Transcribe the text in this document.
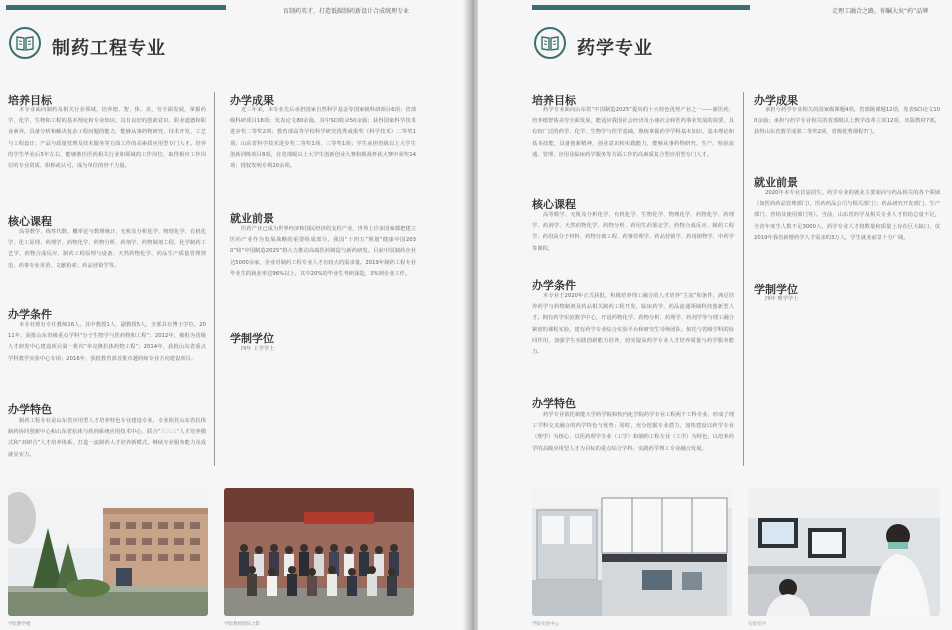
育制药英才，打造低碳制药新设计合成统理专业
制药工程专业
培养目标

本专业面向制药及相关行业领域，培养德、智、体、美、劳全面发展，掌握药学、化学、生物和工程的基本理论和专业知识，具有良好的创新意识、职业道德和职业素养，具备分析和解决复杂工程问题的能力，能够从事药物研究、技术开发、工艺与工程设计、产品与质量管理及技术服务等方面工作的高素质应用型专门人才。培养的学生毕业后5年左右，能够胜任医药相关行业和领域的工作岗位，取得相应工作岗位的专业资质、职称或认可，成为单位的骨干力量。

核心课程

高等数学、线性代数、概率论与数理统计、无机及分析化学、物理化学、有机化学、化工原理、药理学、药物化学、药物分析、药剂学、药物制剂工程、化学制药工艺学、药物合成反应、制药工程原理与设备、天然药物化学、药品生产质量管理规范、药事专业英语、文献检索、药品营销学等。

办学条件

本专业现有专任教师16人，其中教授1人，副教授5人，全部具有博士学位。2011年，获批山东省级重点学科“分子生物学与医药物和工程”；2012年，被批为省级人才研发中心建设项目第一批次“单克隆抗体药物工程”；2014年，获批山东省重点学科教学实验中心专项；2016年，获批教育部首批卓越药师专业方向建设项目。

办学特色

制药工程专业是山东省应用型人才培养特色专业建设专业，专业依托山东省抗体制药协同创新中心和山东省抗体与药剂系统应用技术中心，联合“三三三”人才培养模式和“双研合”人才培养体系，打造一流制药人才培养新模式，继续专业服务能力及成就显实力。

办学成果

近三年来，本专业先后承担国家自然科学基金等国家级科研项目6项；省部级科研项目18项；发表论文80余篇，其中SCI收录50余篇；获得国家科学技术进步奖二等奖2项；教育部高等学校科学研究优秀成果奖（科学技术）二等奖1项；山东省科学技术进步奖二等奖1项，三等奖1项；学生承担省级以上大学生创新训练项目8项，在省部级以上大学生创新创业大赛和挑战杯获大赛中获奖14项；授权发明专利20余项。

就业前景

医药产业已成为世界经济和国民经济的支柱产业，世界上许多国家都把建立医药产业作为发展战略的重要组成部分。我国“十四五”规划“健康中国2030”和“中国制造2025”将大力推动高端医药制造与新药研发。目前中国制药企业达5000余家，企业对制药工程专业人才有较大的需求量。2019年制药工程专业毕业生的就业率达96%以上，其中20%的毕业生考研深造，3%到企业工作。

学制学位

四年 工学学士

学院教学楼	学院教师团队合影
走理工融合之路，你瞩大矣“药”品牌
药学专业
培养目标

药学专业面向山东省“中国制造2025”提出的十大特色优势产业之一——新医药，培养德智体美劳全面发展，能适应我国社会经济及小康社会和医药事业发展的需要，具有较广泛的药学、化学、生物学与医学基础，熟练掌握药学学科基本知识、基本理论和基本技能，具备创新精神、创业意识和实践能力，能够从事药物研究、生产、检验流通、管理、应用及临床药学服务等方面工作的高素质复合型应用型专门人才。

核心课程

高等数学、无机及分析化学、有机化学、生物化学、物理化学、药物化学、药理学、药剂学、天然药物化学、药物分析、药用生药鉴定学、药物合成反应、制药工程学、药用高分子材料、药物分离工程、药事管理学、药品营销学、药用植物学、中药学等课程。

办学条件

本专业于2020年正式获批，积极培养理工融合的人才培养“主流”和条件，满足培养药学与药物制剂及药品相关制药工程开发、临床药学、药品流通领域科技创新型人才。拥有药学实验教学中心，开设药物化学、药物分析、药理学、药剂学等与理工融合紧密的课程实验，建有药学专业综合实验平台和研究生导师团队；依托与省级学科的协同作用，加强学生实践创新能力培养，切实提高药学专业人才培养质量与药学服务能力。

办学特色

药学专业依托新能大学药学院和校内化学院药学专业工程两个工科专业，形成了理工学科交叉融合的药学特色与优势；同时，充分挖掘专业潜力，加快建设以药学专业（理学）为核心，以医药理学专业（工学）和制药工程专业（工学）为特色，以培养药学的高级应用型人才为目标的重点综合学科，实践药学理工专业融合发展。

办学成果

承担与药学专业相关的国家级课题4项，省部级课题12项，发表SCI论文100余篇；承担与药学专业相关的省部级以上教学改革立项12项，出版教材7部，获得山东省教学成果二等奖2项，省级优秀课程7门。

就业前景

2020年本专业首届招生。药学专业的就业主要面向与药品相关的各个领域（如医药药品管理部门），医药药品公司与相关部门）；药品研究开发部门、生产部门、营销及使用部门等）。当前，山东省药学及相关专业人才供给总量不足，全省年度生人数不足3000人，药学专业人才将数量和质量上存在巨大缺口，仅2019年我省新增药学人才需求约3万人，学生就业前景十分广阔。

学制学位

四年 理学学士

学院实验中心	实验室内
